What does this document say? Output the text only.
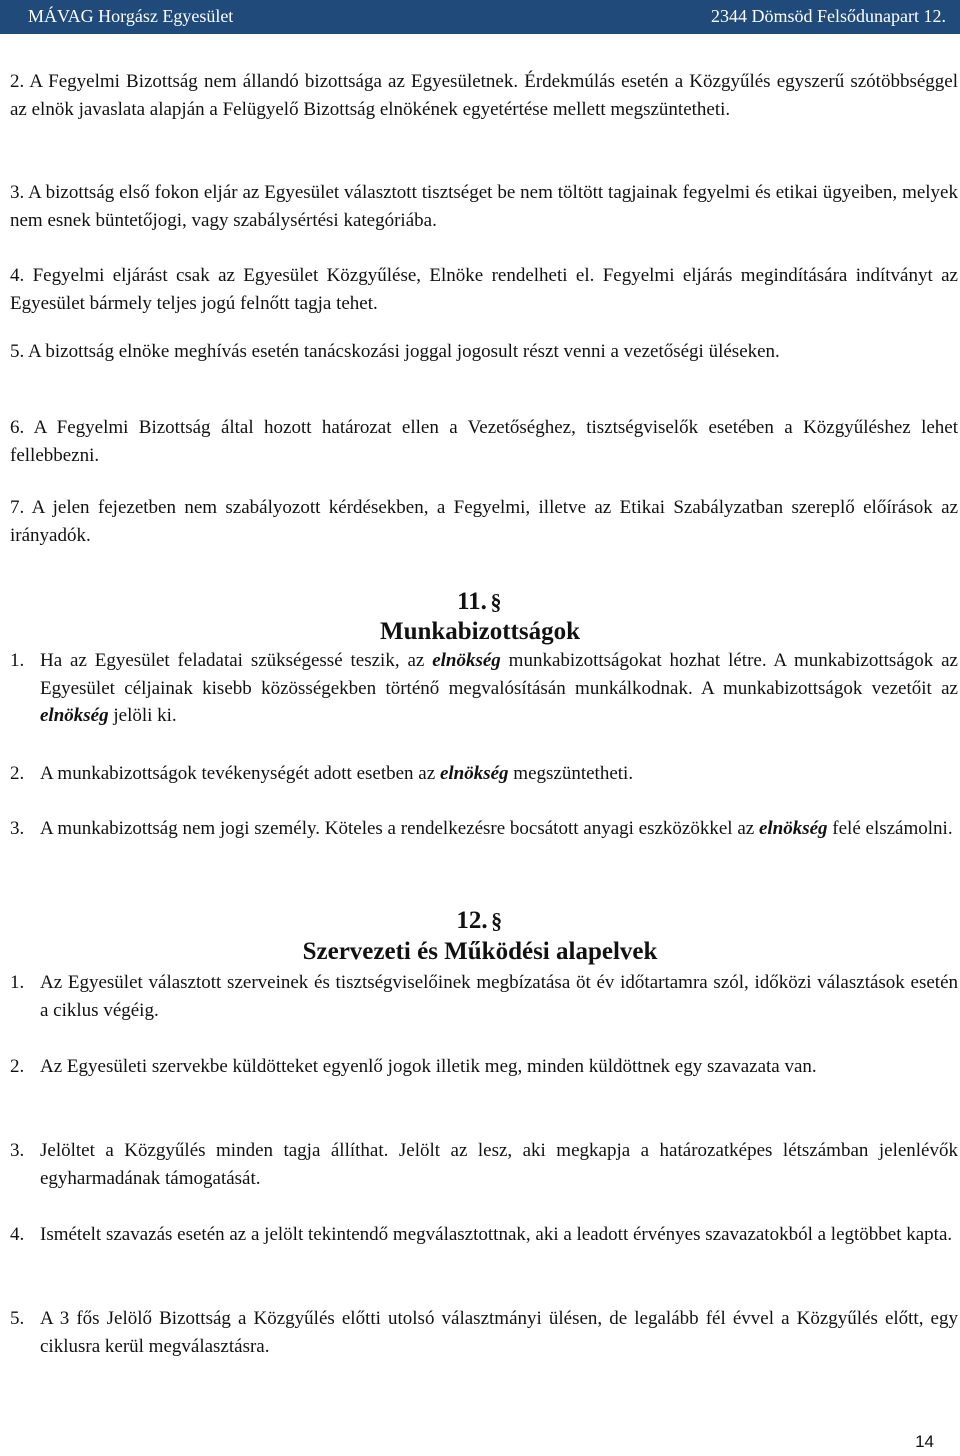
MÁVAG Horgász Egyesület	2344 Dömsöd Felsődunapart 12.

2. A Fegyelmi Bizottság nem állandó bizottsága az Egyesületnek. Érdekmúlás esetén a Közgyűlés egyszerű szótöbbséggel az elnök javaslata alapján a Felügyelő Bizottság elnökének egyetértése mellett megszüntetheti.

3. A bizottság első fokon eljár az Egyesület választott tisztséget be nem töltött tagjainak fegyelmi és etikai ügyeiben, melyek nem esnek büntetőjogi, vagy szabálysértési kategóriába.

4. Fegyelmi eljárást csak az Egyesület Közgyűlése, Elnöke rendelheti el. Fegyelmi eljárás megindítására indítványt az Egyesület bármely teljes jogú felnőtt tagja tehet.

5. A bizottság elnöke meghívás esetén tanácskozási joggal jogosult részt venni a vezetőségi üléseken.

6. A Fegyelmi Bizottság által hozott határozat ellen a Vezetőséghez, tisztségviselők esetében a Közgyűléshez lehet fellebbezni.

7. A jelen fejezetben nem szabályozott kérdésekben, a Fegyelmi, illetve az Etikai Szabályzatban szereplő előírások az irányadók.

11. §
Munkabizottságok
1. Ha az Egyesület feladatai szükségessé teszik, az elnökség munkabizottságokat hozhat létre. A munkabizottságok az Egyesület céljainak kisebb közösségekben történő megvalósításán munkálkodnak. A munkabizottságok vezetőit az elnökség jelöli ki.

2. A munkabizottságok tevékenységét adott esetben az elnökség megszüntetheti.

3. A munkabizottság nem jogi személy. Köteles a rendelkezésre bocsátott anyagi eszközökkel az elnökség felé elszámolni.

12. §
Szervezeti és Működési alapelvek
1. Az Egyesület választott szerveinek és tisztségviselőinek megbízatása öt év időtartamra szól, időközi választások esetén a ciklus végéig.

2. Az Egyesületi szervekbe küldötteket egyenlő jogok illetik meg, minden küldöttnek egy szavazata van.

3. Jelöltet a Közgyűlés minden tagja állíthat. Jelölt az lesz, aki megkapja a határozatképes létszámban jelenlévők egyharmadának támogatását.

4. Ismételt szavazás esetén az a jelölt tekintendő megválasztottnak, aki a leadott érvényes szavazatokból a legtöbbet kapta.

5. A 3 fős Jelölő Bizottság a Közgyűlés előtti utolsó választmányi ülésen, de legalább fél évvel a Közgyűlés előtt, egy ciklusra kerül megválasztásra.

14
